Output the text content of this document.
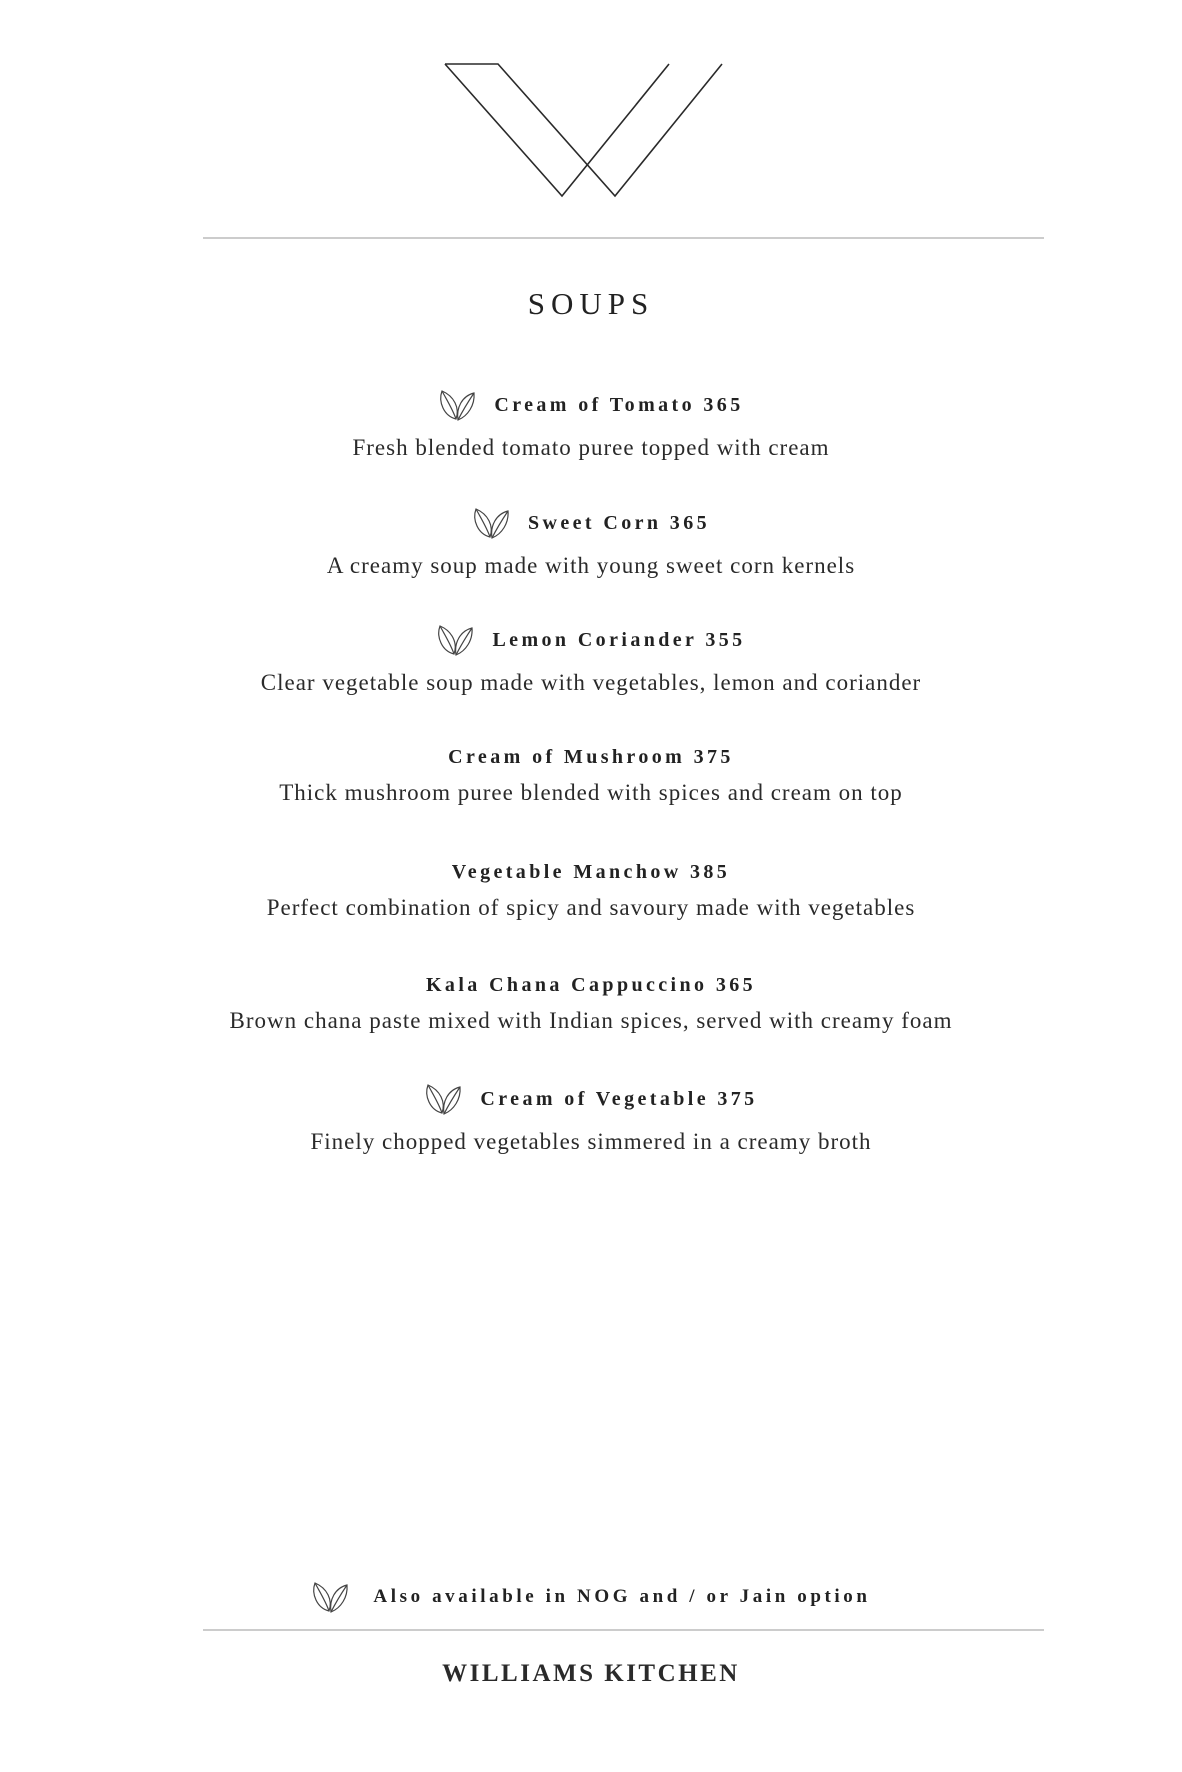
SOUPS
Cream of Tomato 365
Fresh blended tomato puree topped with cream
Sweet Corn 365
A creamy soup made with young sweet corn kernels
Lemon Coriander 355
Clear vegetable soup made with vegetables, lemon and coriander
Cream of Mushroom 375
Thick mushroom puree blended with spices and cream on top
Vegetable Manchow 385
Perfect combination of spicy and savoury made with vegetables
Kala Chana Cappuccino 365
Brown chana paste mixed with Indian spices, served with creamy foam
Cream of Vegetable 375
Finely chopped vegetables simmered in a creamy broth
Also available in NOG and / or Jain option
WILLIAMS KITCHEN
